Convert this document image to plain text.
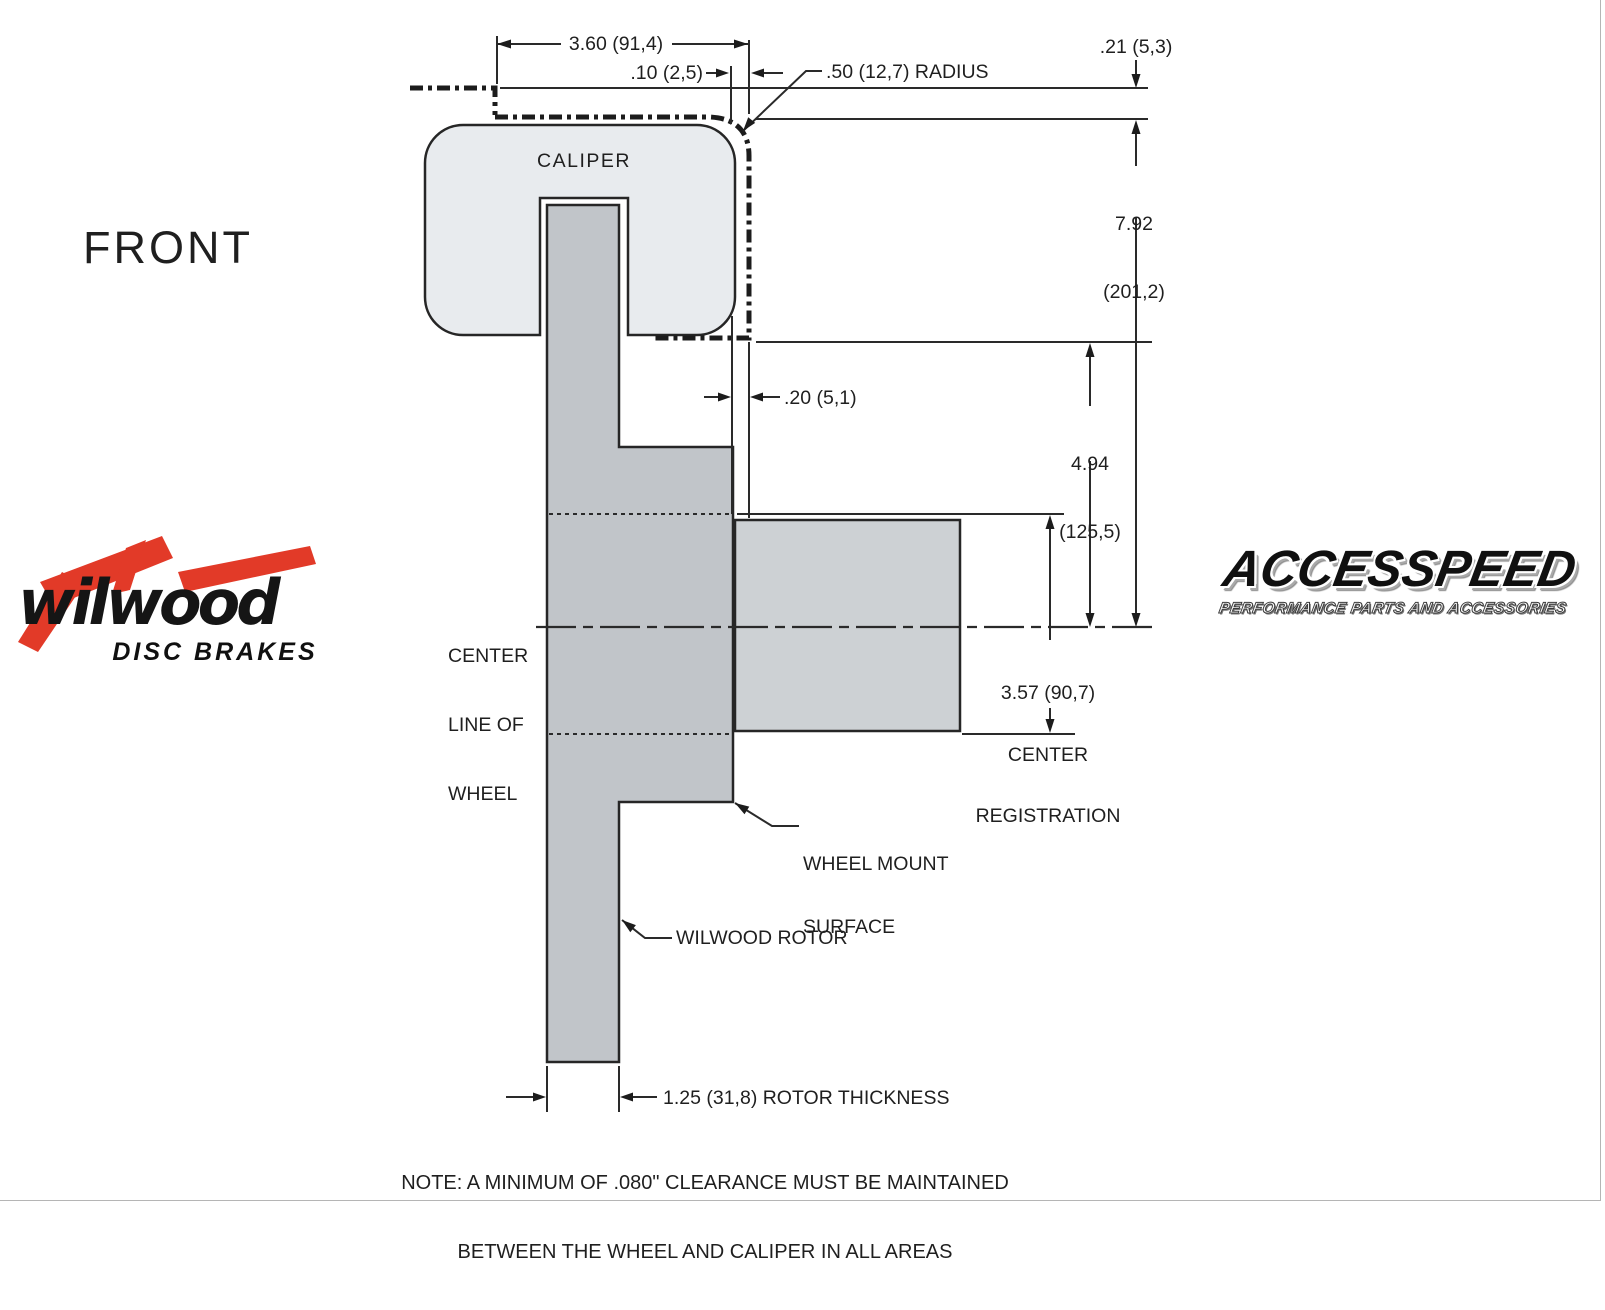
wilwood
DISC BRAKES
FRONT
CALIPER
3.60 (91,4)
.10 (2,5)	.50 (12,7) RADIUS
.21 (5,3)

7.92

(201,2)

4.94

(125,5)

.20 (5,1)

CENTER

LINE OF

WHEEL

3.57 (90,7)

CENTER

REGISTRATION

WHEEL MOUNT

SURFACE

WILWOOD ROTOR
1.25 (31,8) ROTOR THICKNESS

NOTE: A MINIMUM OF .080" CLEARANCE MUST BE MAINTAINED

BETWEEN THE WHEEL AND CALIPER IN ALL AREAS

ACCESSPEED
PERFORMANCE PARTS AND ACCESSORIES
